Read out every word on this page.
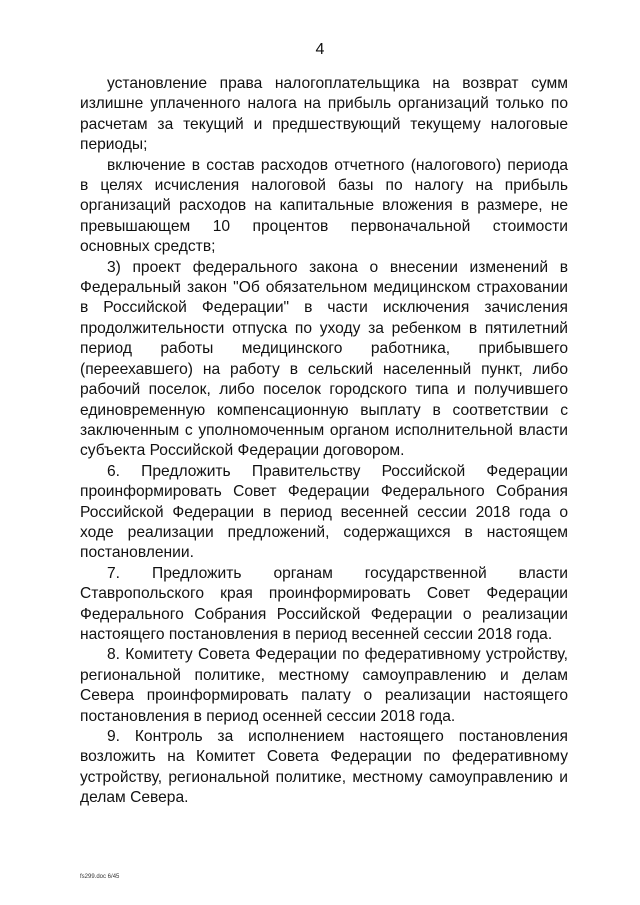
4

установление права налогоплательщика на возврат сумм излишне уплаченного налога на прибыль организаций только по расчетам за текущий и предшествующий текущему налоговые периоды;

включение в состав расходов отчетного (налогового) периода в целях исчисления налоговой базы по налогу на прибыль организаций расходов на капитальные вложения в размере, не превышающем 10 процентов первоначальной стоимости основных средств;

3) проект федерального закона о внесении изменений в Федеральный закон "Об обязательном медицинском страховании в Российской Федерации" в части исключения зачисления продолжительности отпуска по уходу за ребенком в пятилетний период работы медицинского работника, прибывшего (переехавшего) на работу в сельский населенный пункт, либо рабочий поселок, либо поселок городского типа и получившего единовременную компенсационную выплату в соответствии с заключенным с уполномоченным органом исполнительной власти субъекта Российской Федерации договором.

6. Предложить Правительству Российской Федерации проинформировать Совет Федерации Федерального Собрания Российской Федерации в период весенней сессии 2018 года о ходе реализации предложений, содержащихся в настоящем постановлении.

7. Предложить органам государственной власти Ставропольского края проинформировать Совет Федерации Федерального Собрания Российской Федерации о реализации настоящего постановления в период весенней сессии 2018 года.

8. Комитету Совета Федерации по федеративному устройству, региональной политике, местному самоуправлению и делам Севера проинформировать палату о реализации настоящего постановления в период осенней сессии 2018 года.

9. Контроль за исполнением настоящего постановления возложить на Комитет Совета Федерации по федеративному устройству, региональной политике, местному самоуправлению и делам Севера.

fs299.doc 6/45
